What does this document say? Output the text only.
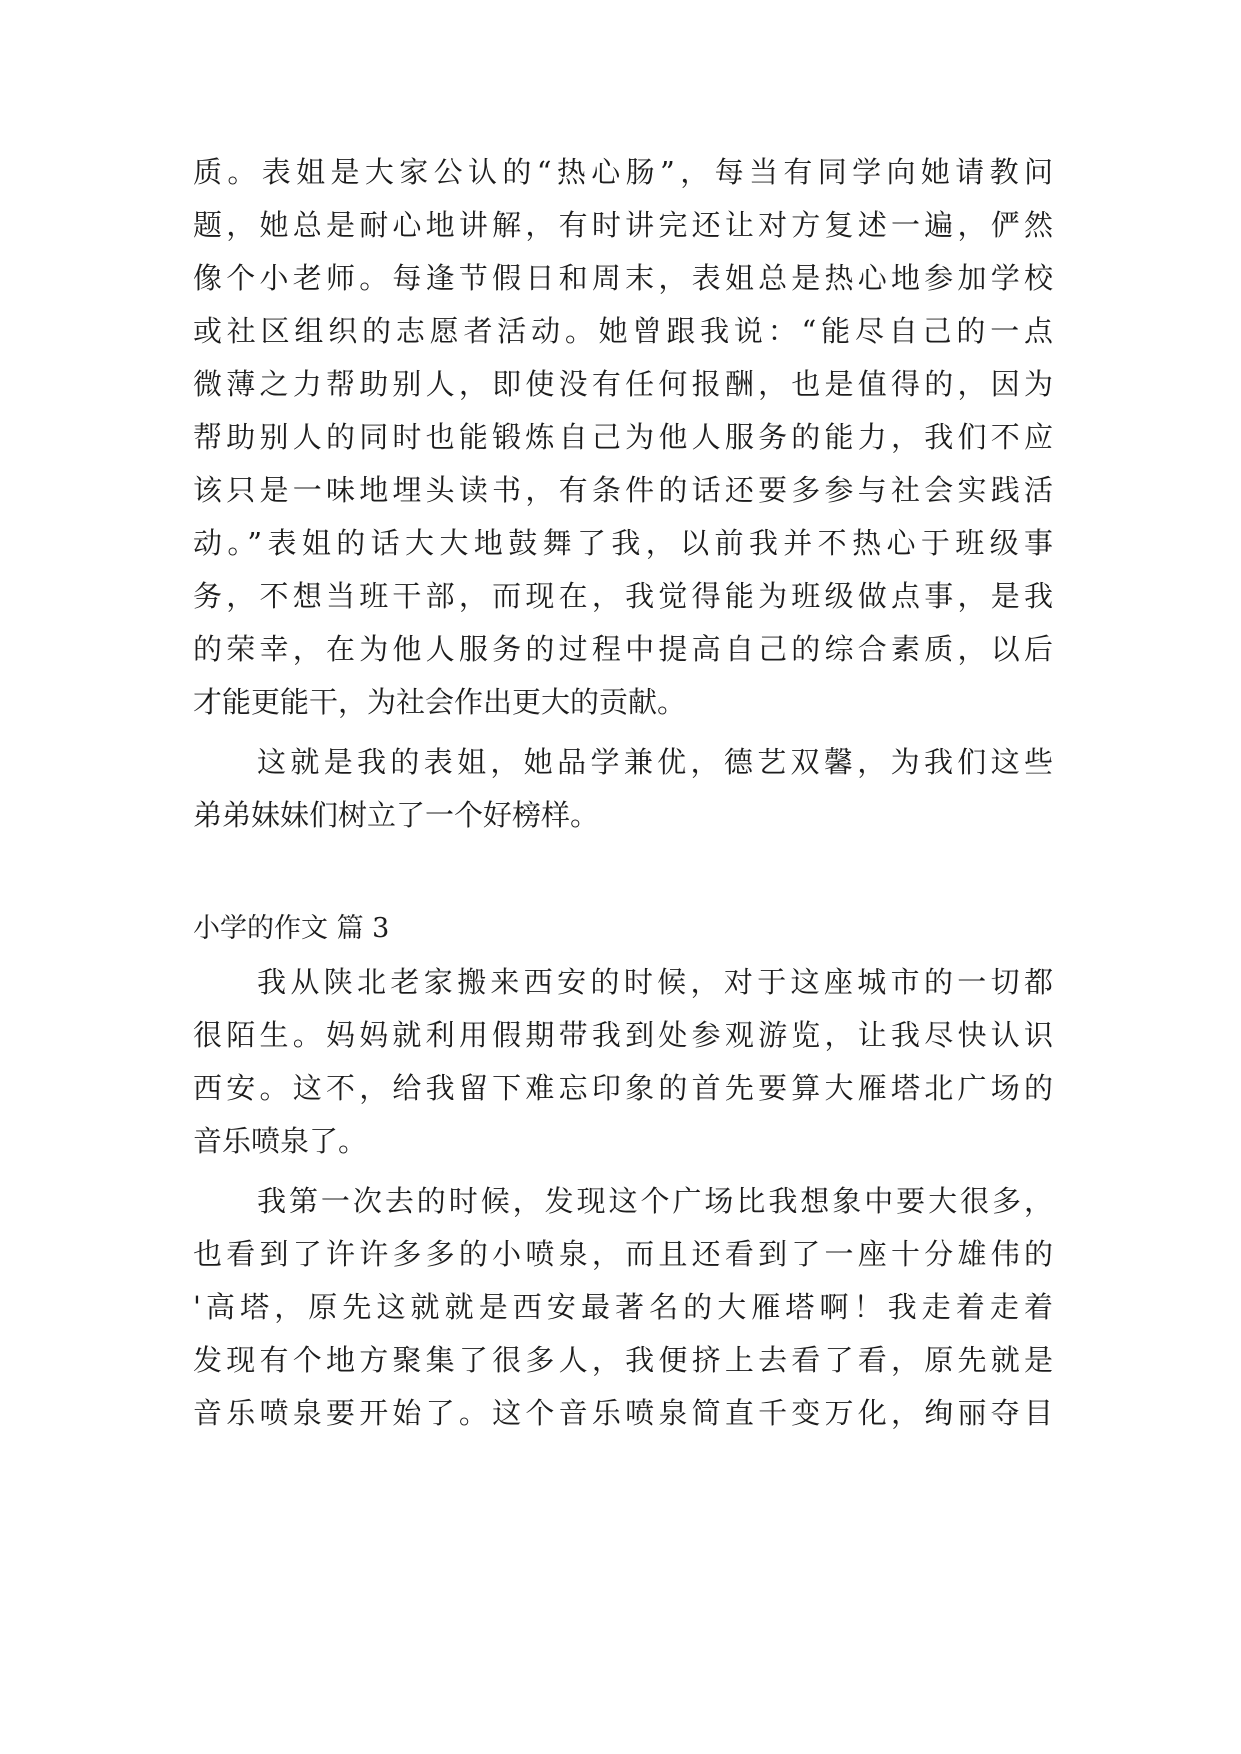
质。表姐是大家公认的“热心肠”，每当有同学向她请教问
题，她总是耐心地讲解，有时讲完还让对方复述一遍，俨然
像个小老师。每逢节假日和周末，表姐总是热心地参加学校
或社区组织的志愿者活动。她曾跟我说：“能尽自己的一点
微薄之力帮助别人，即使没有任何报酬，也是值得的，因为
帮助别人的同时也能锻炼自己为他人服务的能力，我们不应
该只是一味地埋头读书，有条件的话还要多参与社会实践活
动。”表姐的话大大地鼓舞了我，以前我并不热心于班级事
务，不想当班干部，而现在，我觉得能为班级做点事，是我
的荣幸，在为他人服务的过程中提高自己的综合素质，以后
才能更能干，为社会作出更大的贡献。
这就是我的表姐，她品学兼优，德艺双馨，为我们这些
弟弟妹妹们树立了一个好榜样。
小学的作文 篇 3
我从陕北老家搬来西安的时候，对于这座城市的一切都
很陌生。妈妈就利用假期带我到处参观游览，让我尽快认识
西安。这不，给我留下难忘印象的首先要算大雁塔北广场的
音乐喷泉了。
我第一次去的时候，发现这个广场比我想象中要大很多，
也看到了许许多多的小喷泉，而且还看到了一座十分雄伟的
'高塔，原先这就就是西安最著名的大雁塔啊！我走着走着
发现有个地方聚集了很多人，我便挤上去看了看，原先就是
音乐喷泉要开始了。这个音乐喷泉简直千变万化，绚丽夺目
